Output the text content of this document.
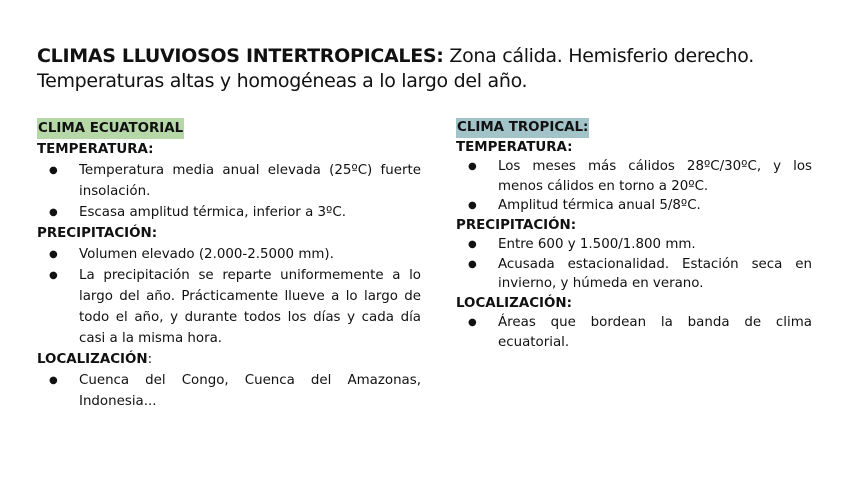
CLIMAS LLUVIOSOS INTERTROPICALES: Zona cálida. Hemisferio derecho. Temperaturas altas y homogéneas a lo largo del año.
CLIMA ECUATORIAL
TEMPERATURA:
● Temperatura media anual elevada (25ºC) fuerte insolación.
● Escasa amplitud térmica, inferior a 3ºC.
PRECIPITACIÓN:
● Volumen elevado (2.000-2.5000 mm).
● La precipitación se reparte uniformemente a lo largo del año. Prácticamente llueve a lo largo de todo el año, y durante todos los días y cada día casi a la misma hora.
LOCALIZACIÓN:
● Cuenca del Congo, Cuenca del Amazonas, Indonesia...
CLIMA TROPICAL:
TEMPERATURA:
● Los meses más cálidos 28ºC/30ºC, y los menos cálidos en torno a 20ºC.
● Amplitud térmica anual 5/8ºC.
PRECIPITACIÓN:
● Entre 600 y 1.500/1.800 mm.
● Acusada estacionalidad. Estación seca en invierno, y húmeda en verano.
LOCALIZACIÓN:
● Áreas que bordean la banda de clima ecuatorial.
